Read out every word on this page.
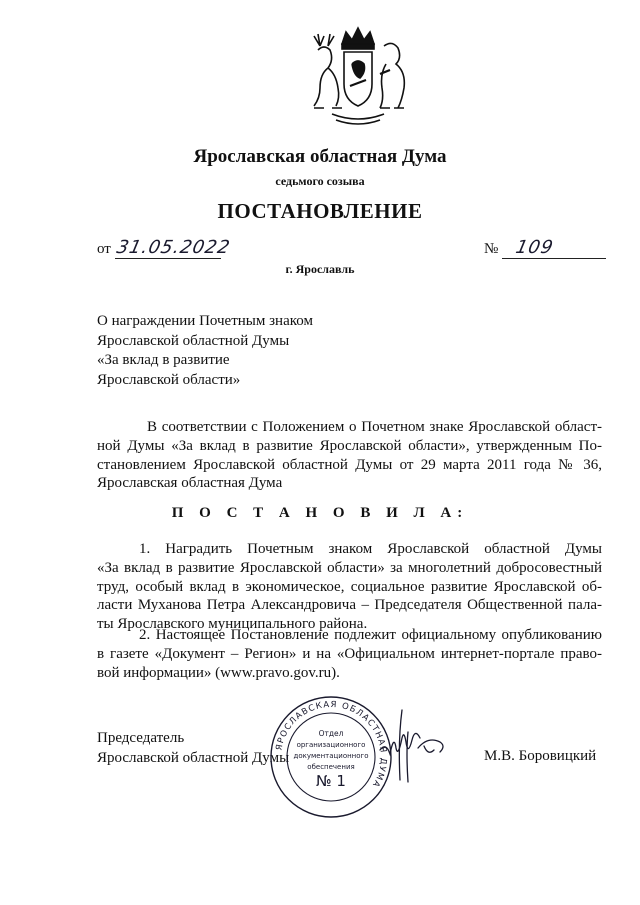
Ярославская областная Дума
седьмого созыва
ПОСТАНОВЛЕНИЕ
от 31.05.2022	№ 109
г. Ярославль
О награждении Почетным знаком
Ярославской областной Думы
«За вклад в развитие
Ярославской области»
В соответствии с Положением о Почетном знаке Ярославской област-
ной Думы «За вклад в развитие Ярославской области», утвержденным По-
становлением Ярославской областной Думы от 29 марта 2011 года № 36,
Ярославская областная Дума
П О С Т А Н О В И Л А:
1. Наградить Почетным знаком Ярославской областной Думы
«За вклад в развитие Ярославской области» за многолетний добросовестный
труд, особый вклад в экономическое, социальное развитие Ярославской об-
ласти Муханова Петра Александровича – Председателя Общественной пала-
ты Ярославского муниципального района.
2. Настоящее Постановление подлежит официальному опубликованию
в газете «Документ – Регион» и на «Официальном интернет-портале право-
вой информации» (www.pravo.gov.ru).
Председатель
Ярославской областной Думы	М.В. Боровицкий
ЯРОСЛАВСКАЯ ОБЛАСТНАЯ ДУМА
Отдел
организационного
документационного
обеспечения
№ 1
